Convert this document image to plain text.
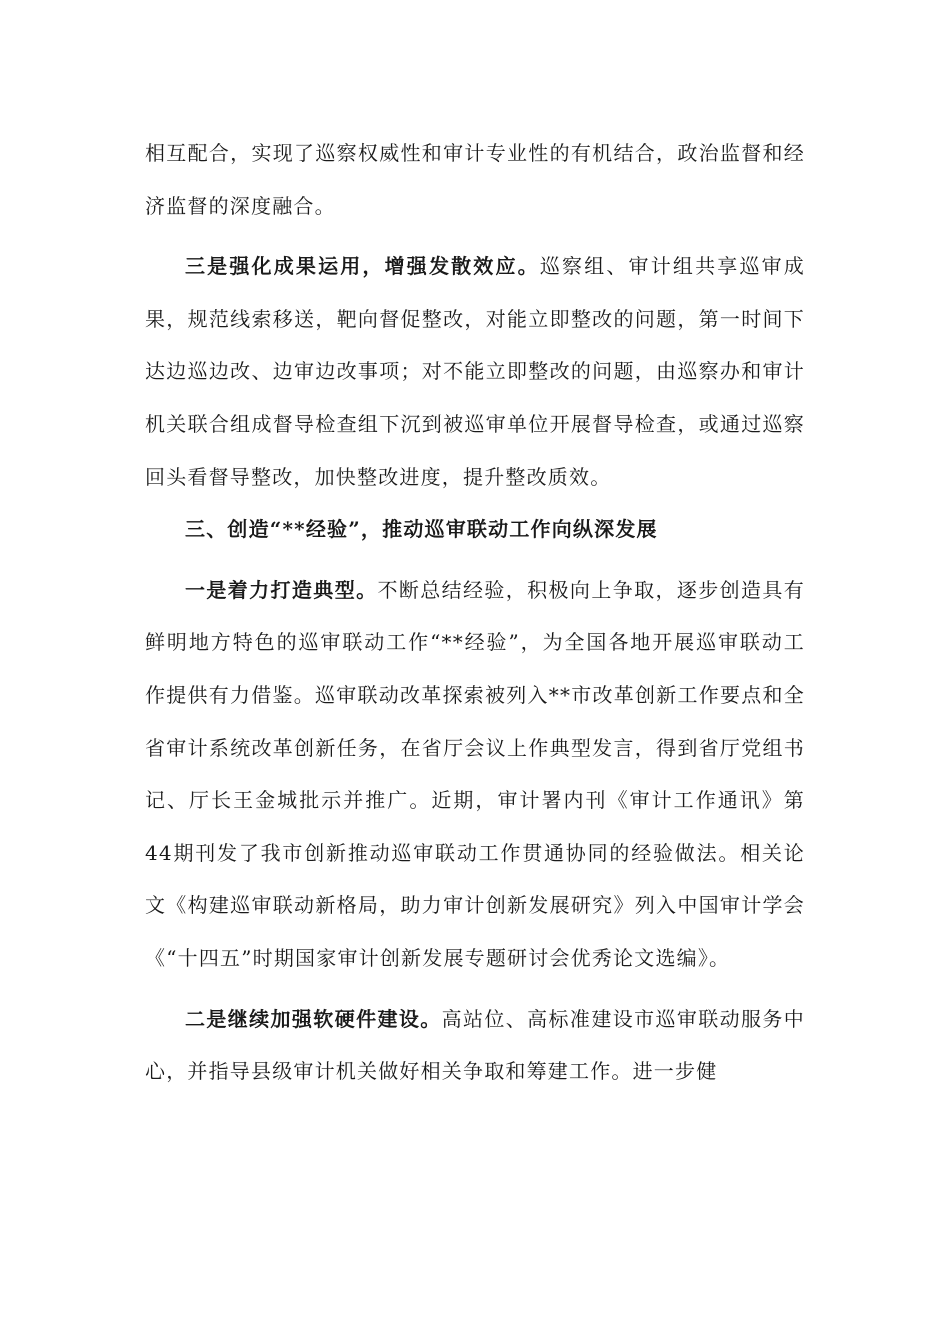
相互配合，实现了巡察权威性和审计专业性的有机结合，政治监督和经济监督的深度融合。

三是强化成果运用，增强发散效应。巡察组、审计组共享巡审成果，规范线索移送，靶向督促整改，对能立即整改的问题，第一时间下达边巡边改、边审边改事项；对不能立即整改的问题，由巡察办和审计机关联合组成督导检查组下沉到被巡审单位开展督导检查，或通过巡察回头看督导整改，加快整改进度，提升整改质效。

三、创造“**经验”，推动巡审联动工作向纵深发展

一是着力打造典型。不断总结经验，积极向上争取，逐步创造具有鲜明地方特色的巡审联动工作“**经验”，为全国各地开展巡审联动工作提供有力借鉴。巡审联动改革探索被列入**市改革创新工作要点和全省审计系统改革创新任务，在省厅会议上作典型发言，得到省厅党组书记、厅长王金城批示并推广。近期，审计署内刊《审计工作通讯》第44期刊发了我市创新推动巡审联动工作贯通协同的经验做法。相关论文《构建巡审联动新格局，助力审计创新发展研究》列入中国审计学会《“十四五”时期国家审计创新发展专题研讨会优秀论文选编》。

二是继续加强软硬件建设。高站位、高标准建设市巡审联动服务中心，并指导县级审计机关做好相关争取和筹建工作。进一步健
